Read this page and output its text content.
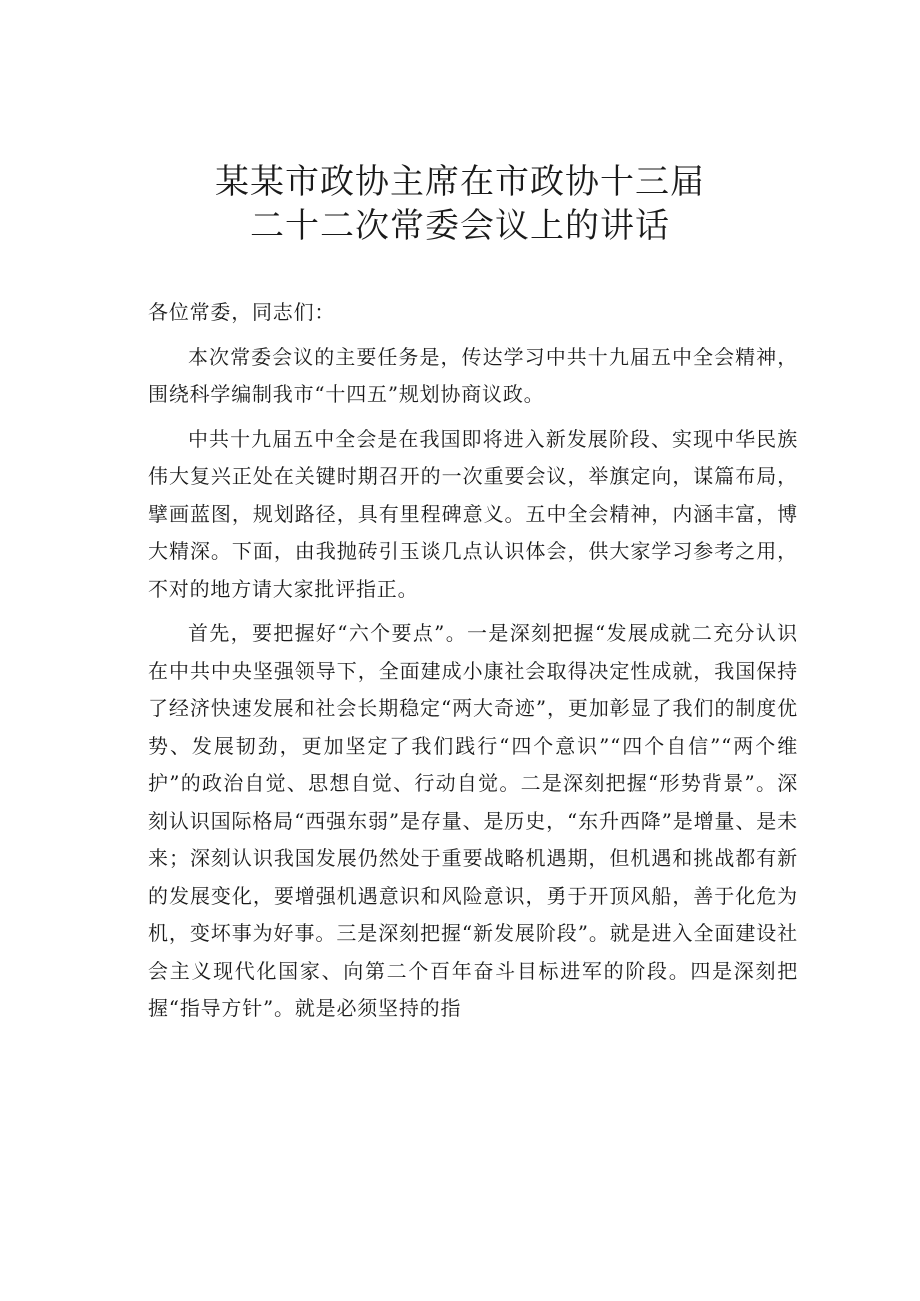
某某市政协主席在市政协十三届
二十二次常委会议上的讲话

各位常委，同志们：

本次常委会议的主要任务是，传达学习中共十九届五中全会精神，围绕科学编制我市“十四五”规划协商议政。

中共十九届五中全会是在我国即将进入新发展阶段、实现中华民族伟大复兴正处在关键时期召开的一次重要会议，举旗定向，谋篇布局，擘画蓝图，规划路径，具有里程碑意义。五中全会精神，内涵丰富，博大精深。下面，由我抛砖引玉谈几点认识体会，供大家学习参考之用，不对的地方请大家批评指正。

首先，要把握好“六个要点”。一是深刻把握“发展成就二充分认识在中共中央坚强领导下，全面建成小康社会取得决定性成就，我国保持了经济快速发展和社会长期稳定“两大奇迹”，更加彰显了我们的制度优势、发展韧劲，更加坚定了我们践行“四个意识”“四个自信”“两个维护”的政治自觉、思想自觉、行动自觉。二是深刻把握“形势背景”。深刻认识国际格局“西强东弱”是存量、是历史，“东升西降”是增量、是未来；深刻认识我国发展仍然处于重要战略机遇期，但机遇和挑战都有新的发展变化，要增强机遇意识和风险意识，勇于开顶风船，善于化危为机，变坏事为好事。三是深刻把握“新发展阶段”。就是进入全面建设社会主义现代化国家、向第二个百年奋斗目标进军的阶段。四是深刻把握“指导方针”。就是必须坚持的指
